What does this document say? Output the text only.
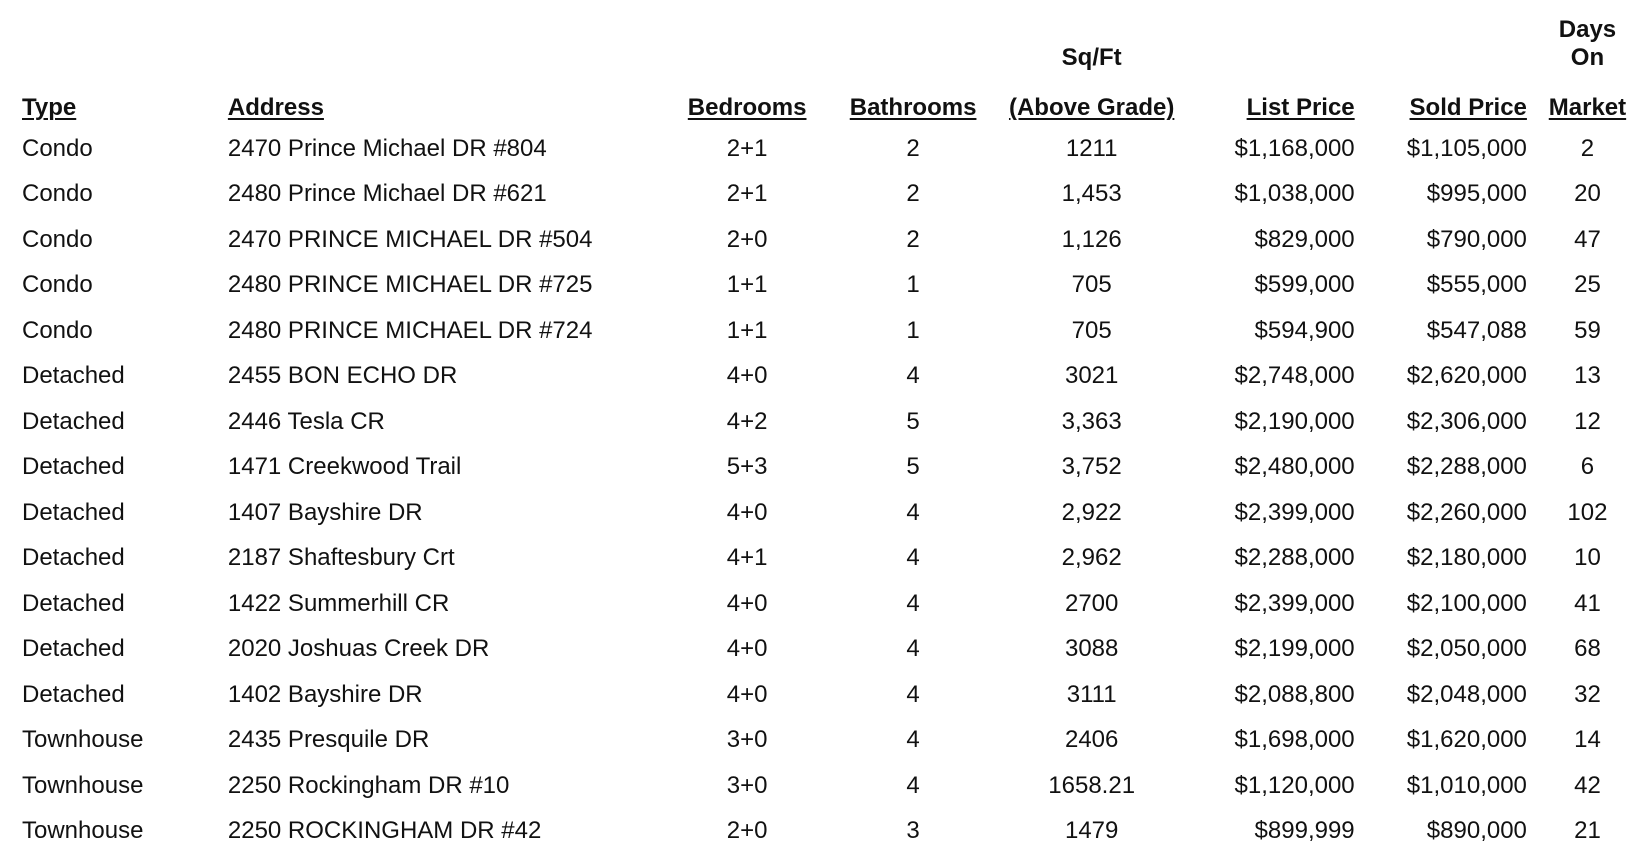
				Sq/Ft			Days On
Type	Address	Bedrooms	Bathrooms	(Above Grade)	List Price	Sold Price	Market
Condo	2470 Prince Michael DR #804	2+1	2	1211	$1,168,000	$1,105,000	2
Condo	2480 Prince Michael DR #621	2+1	2	1,453	$1,038,000	$995,000	20
Condo	2470 PRINCE MICHAEL DR #504	2+0	2	1,126	$829,000	$790,000	47
Condo	2480 PRINCE MICHAEL DR #725	1+1	1	705	$599,000	$555,000	25
Condo	2480 PRINCE MICHAEL DR #724	1+1	1	705	$594,900	$547,088	59
Detached	2455 BON ECHO DR	4+0	4	3021	$2,748,000	$2,620,000	13
Detached	2446 Tesla CR	4+2	5	3,363	$2,190,000	$2,306,000	12
Detached	1471 Creekwood Trail	5+3	5	3,752	$2,480,000	$2,288,000	6
Detached	1407 Bayshire DR	4+0	4	2,922	$2,399,000	$2,260,000	102
Detached	2187 Shaftesbury Crt	4+1	4	2,962	$2,288,000	$2,180,000	10
Detached	1422 Summerhill CR	4+0	4	2700	$2,399,000	$2,100,000	41
Detached	2020 Joshuas Creek DR	4+0	4	3088	$2,199,000	$2,050,000	68
Detached	1402 Bayshire DR	4+0	4	3111	$2,088,800	$2,048,000	32
Townhouse	2435 Presquile DR	3+0	4	2406	$1,698,000	$1,620,000	14
Townhouse	2250 Rockingham DR #10	3+0	4	1658.21	$1,120,000	$1,010,000	42
Townhouse	2250 ROCKINGHAM DR #42	2+0	3	1479	$899,999	$890,000	21
